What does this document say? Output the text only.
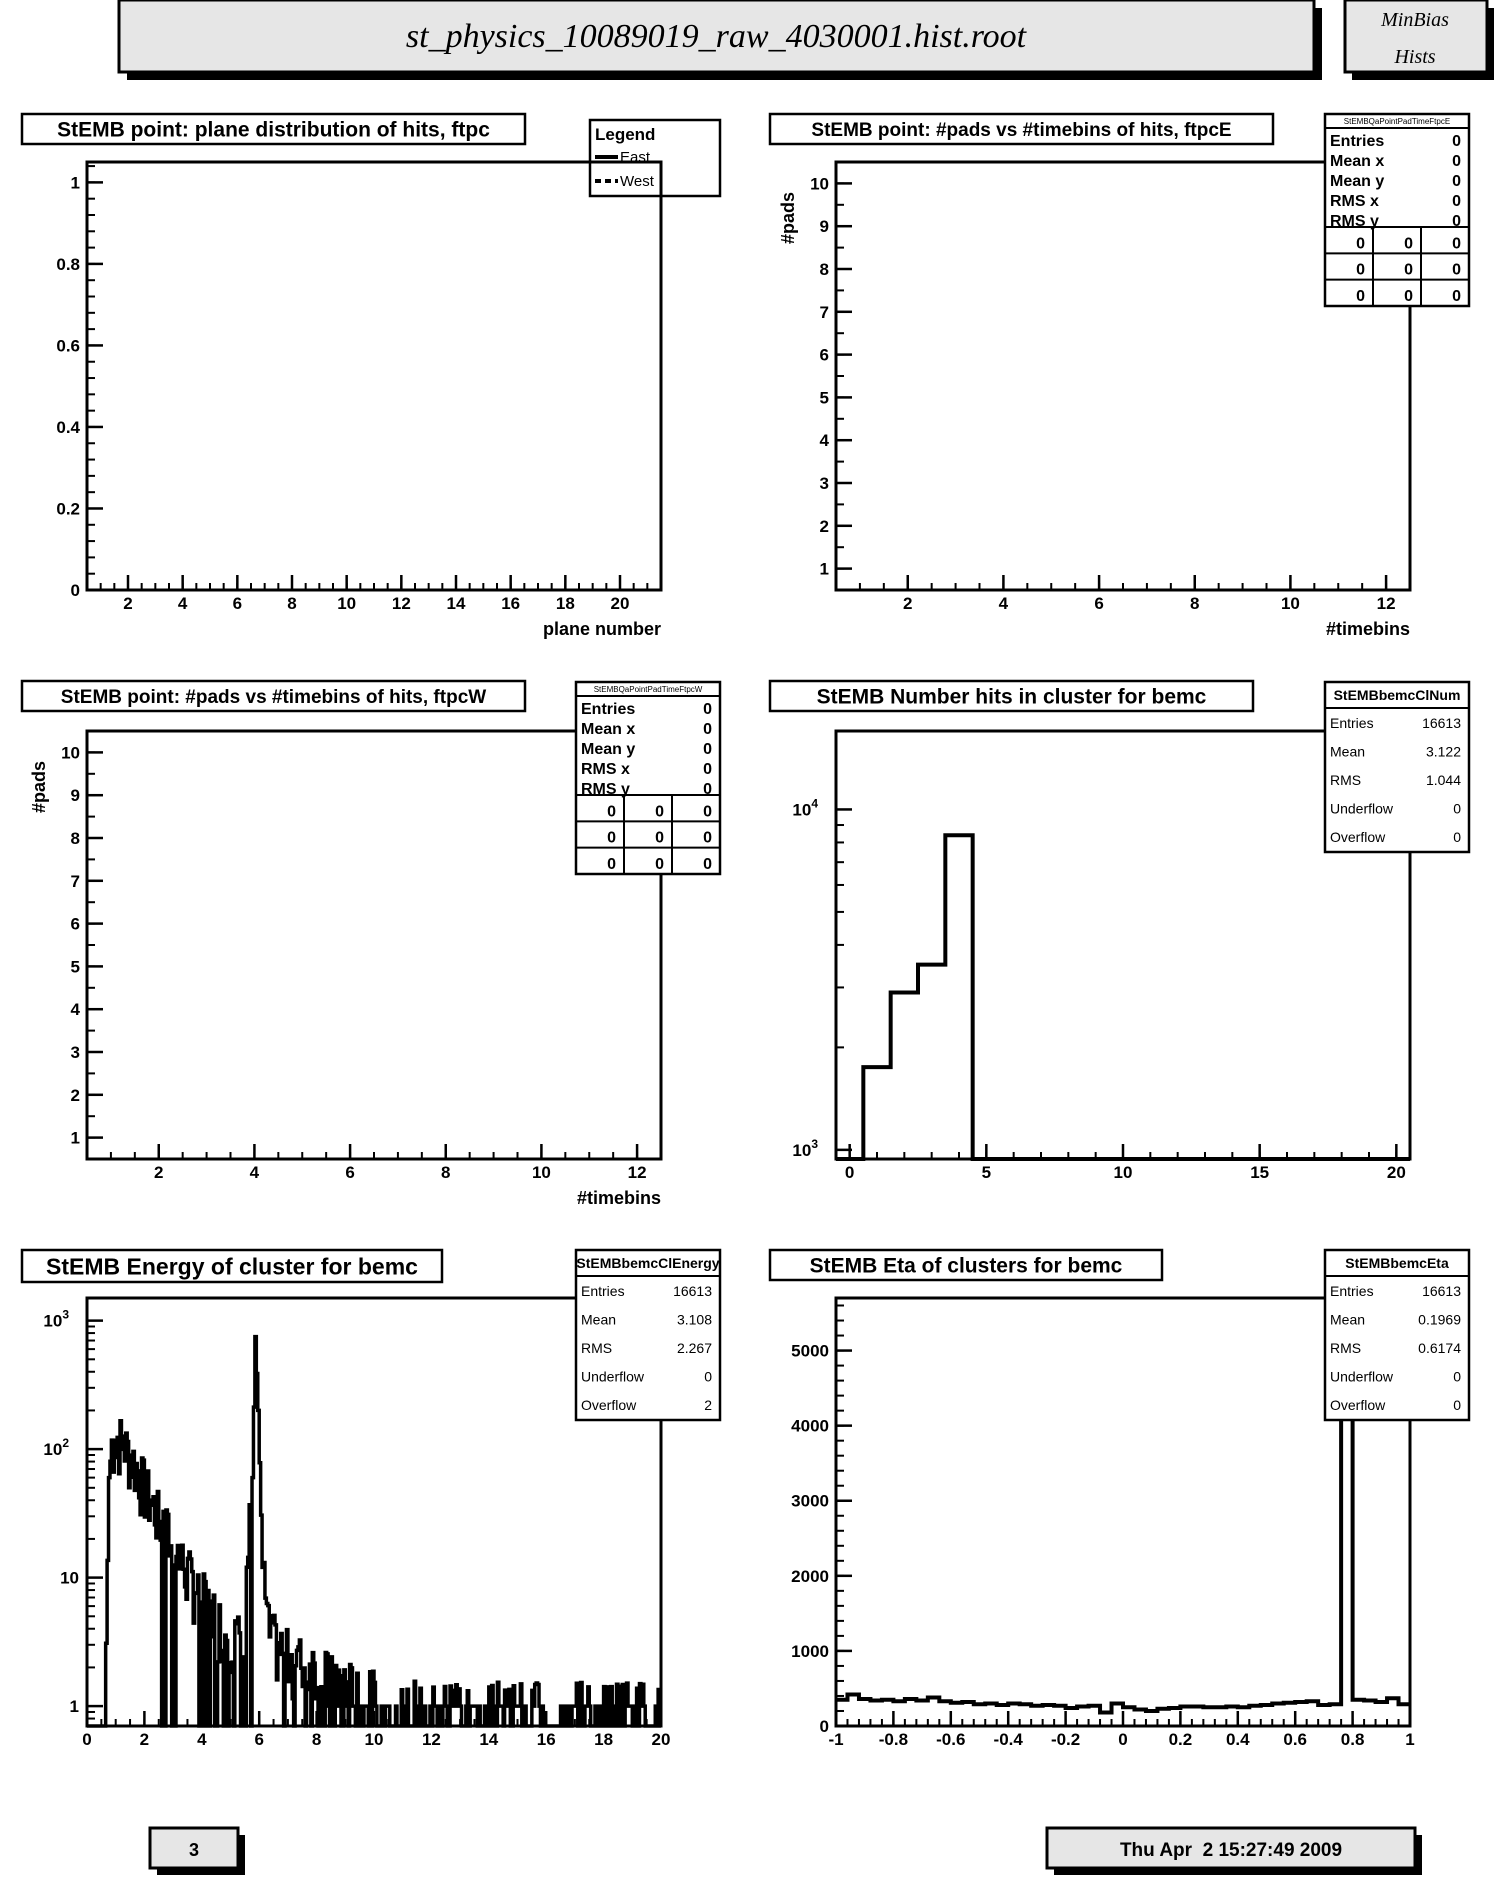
st_physics_10089019_raw_4030001.hist.root	MinBias
Hists
StEMB point: plane distribution of hits, ftpc
2	4	6	8 10 12 14 16 18 20
0
0.2
0.4
0.6
0.8
1
plane number
Legend
East
West
StEMB point: #pads vs #timebins of hits, ftpcE
2	4	6	8	10	12
1
2
3
4
5
6
7
8
9
10
#timebins
#pads
StEMBQaPointPadTimeFtpcE
Entries	0
Mean x	0
Mean y	0
RMS x	0
RMS y	0
0 0 0
0 0 0
0 0 0
StEMB point: #pads vs #timebins of hits, ftpcW
2	4	6	8	10	12
1
2
3
4
5
6
7
8
9
10
#timebins
#pads
StEMBQaPointPadTimeFtpcW
Entries	0
Mean x	0
Mean y	0
RMS x	0
RMS y	0
0 0 0
0 0 0
0 0 0
StEMB Number hits in cluster for bemc
0	5	10	15	20
$10^3$
$10^4$
StEMBbemcClNum
Entries	16613
Mean	3.122
RMS	1.044
Underflow	0
Overflow	0
StEMB Energy of cluster for bemc
0	2	4	6	8	10 12 14 16 18 20
1
10
$10^2$
$10^3$
StEMBbemcClEnergy
Entries	16613
Mean	3.108
RMS	2.267
Underflow	0
Overflow	2
StEMB Eta of clusters for bemc
-1 -0.8 -0.6 -0.4 -0.2 0 0.2 0.4 0.6 0.8 1
0
1000
2000
3000
4000
5000
StEMBbemcEta
Entries	16613
Mean	0.1969
RMS	0.6174
Underflow	0
Overflow	0
3	Thu Apr  2 15:27:49 2009
